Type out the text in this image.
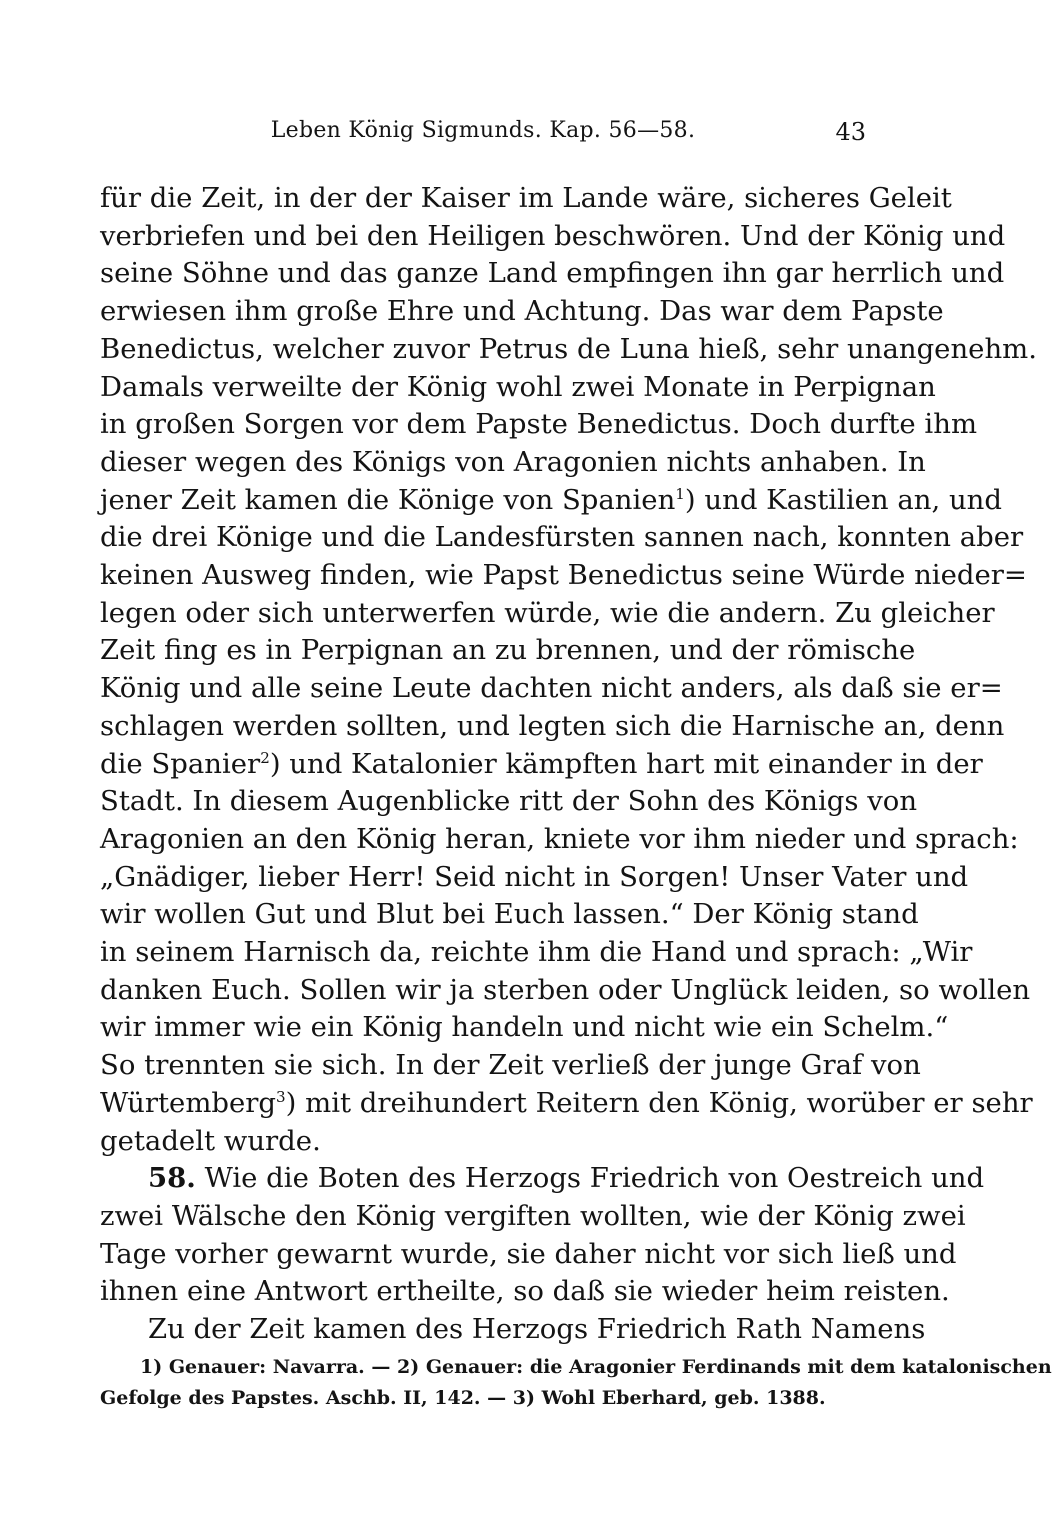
Leben König Sigmunds. Kap. 56—58.	43
für die Zeit, in der der Kaiser im Lande wäre, sicheres Geleit
verbriefen und bei den Heiligen beschwören. Und der König und
seine Söhne und das ganze Land empfingen ihn gar herrlich und
erwiesen ihm große Ehre und Achtung. Das war dem Papste
Benedictus, welcher zuvor Petrus de Luna hieß, sehr unangenehm.
Damals verweilte der König wohl zwei Monate in Perpignan
in großen Sorgen vor dem Papste Benedictus. Doch durfte ihm
dieser wegen des Königs von Aragonien nichts anhaben. In
jener Zeit kamen die Könige von Spanien$^1$) und Kastilien an, und
die drei Könige und die Landesfürsten sannen nach, konnten aber
keinen Ausweg finden, wie Papst Benedictus seine Würde nieder=
legen oder sich unterwerfen würde, wie die andern. Zu gleicher
Zeit fing es in Perpignan an zu brennen, und der römische
König und alle seine Leute dachten nicht anders, als daß sie er=
schlagen werden sollten, und legten sich die Harnische an, denn
die Spanier$^2$) und Katalonier kämpften hart mit einander in der
Stadt. In diesem Augenblicke ritt der Sohn des Königs von
Aragonien an den König heran, kniete vor ihm nieder und sprach:
„Gnädiger, lieber Herr! Seid nicht in Sorgen! Unser Vater und
wir wollen Gut und Blut bei Euch lassen.“ Der König stand
in seinem Harnisch da, reichte ihm die Hand und sprach: „Wir
danken Euch. Sollen wir ja sterben oder Unglück leiden, so wollen
wir immer wie ein König handeln und nicht wie ein Schelm.“
So trennten sie sich. In der Zeit verließ der junge Graf von
Würtemberg$^3$) mit dreihundert Reitern den König, worüber er sehr
getadelt wurde.
58. Wie die Boten des Herzogs Friedrich von Oestreich und
zwei Wälsche den König vergiften wollten, wie der König zwei
Tage vorher gewarnt wurde, sie daher nicht vor sich ließ und
ihnen eine Antwort ertheilte, so daß sie wieder heim reisten.
Zu der Zeit kamen des Herzogs Friedrich Rath Namens
1) Genauer: Navarra. — 2) Genauer: die Aragonier Ferdinands mit dem katalonischen
Gefolge des Papstes. Aschb. II, 142. — 3) Wohl Eberhard, geb. 1388.
